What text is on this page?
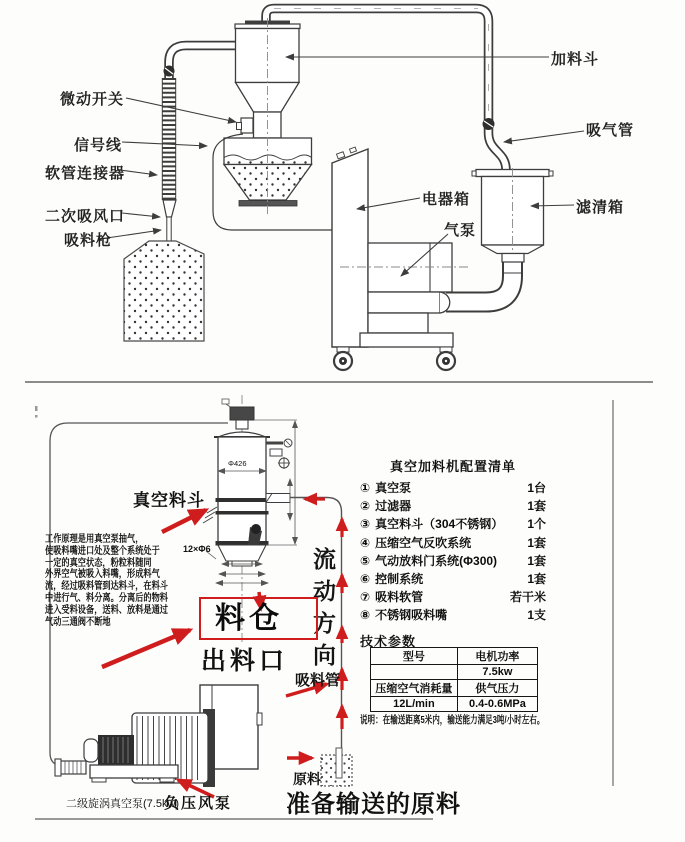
微动开关
信号线
软管连接器
二次吸风口
吸料枪
加料斗
吸气管
电器箱
气泵
滤清箱
真空料斗
工作原理是用真空泵抽气，
使吸料嘴进口处及整个系统处于
一定的真空状态，粉粒料随同
外界空气被吸入料嘴，形成料气
流，经过吸料管到达料斗，在料斗
中进行气、料分离。分离后的物料
进入受料设备，送料、放料是通过
气动三通阀不断地	流动方向
料仓
出料口
吸料管
原料
准备输送的原料
负压风泵
二级旋涡真空泵(7.5kw)
12×Φ6
Φ426	真空加料机配置清单
① 真空泵	1台
② 过滤器	1套
③ 真空料斗（304不锈钢） 1个
④ 压缩空气反吹系统	1套
⑤ 气动放料门系统(Φ300)	1套
⑥ 控制系统	1套
⑦ 吸料软管	若干米
⑧ 不锈钢吸料嘴	1支
技术参数
型号	电机功率
	7.5kw
压缩空气消耗量	供气压力
12L/min	0.4-0.6MPa
说明：在输送距离5米内，输送能力满足3吨/小时左右。
